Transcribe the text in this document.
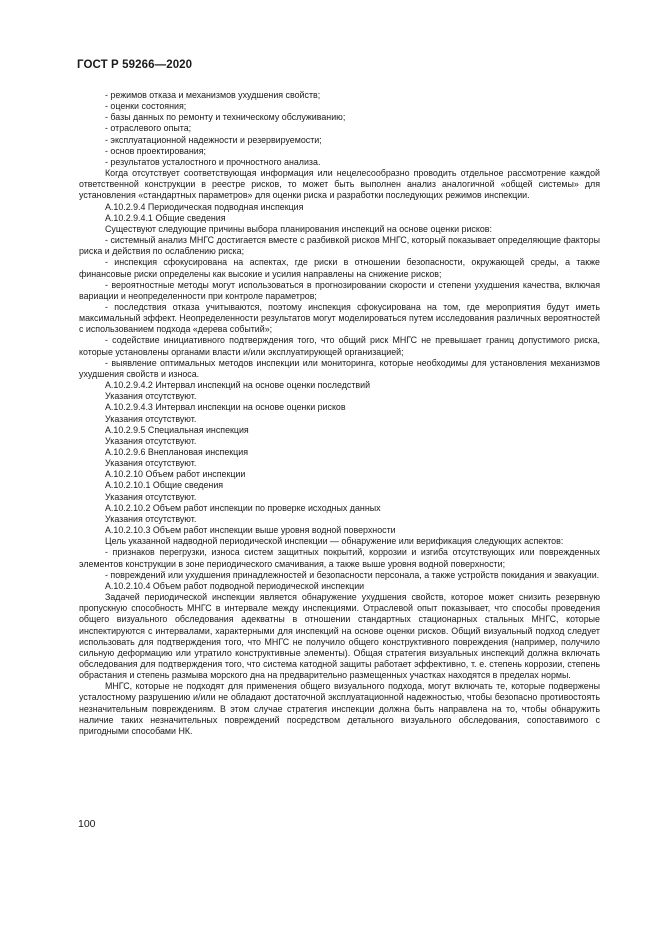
ГОСТ Р 59266—2020

- режимов отказа и механизмов ухудшения свойств;

- оценки состояния;

- базы данных по ремонту и техническому обслуживанию;

- отраслевого опыта;

- эксплуатационной надежности и резервируемости;

- основ проектирования;

- результатов усталостного и прочностного анализа.

Когда отсутствует соответствующая информация или нецелесообразно проводить отдельное рассмотрение каждой ответственной конструкции в реестре рисков, то может быть выполнен анализ аналогичной «общей системы» для установления «стандартных параметров» для оценки риска и разработки последующих режимов инспекции.

А.10.2.9.4 Периодическая подводная инспекция

А.10.2.9.4.1 Общие сведения

Существуют следующие причины выбора планирования инспекций на основе оценки рисков:

- системный анализ МНГС достигается вместе с разбивкой рисков МНГС, который показывает определяющие факторы риска и действия по ослаблению риска;

- инспекция сфокусирована на аспектах, где риски в отношении безопасности, окружающей среды, а также финансовые риски определены как высокие и усилия направлены на снижение рисков;

- вероятностные методы могут использоваться в прогнозировании скорости и степени ухудшения качества, включая вариации и неопределенности при контроле параметров;

- последствия отказа учитываются, поэтому инспекция сфокусирована на том, где мероприятия будут иметь максимальный эффект. Неопределенности результатов могут моделироваться путем исследования различных вероятностей с использованием подхода «дерева событий»;

- содействие инициативного подтверждения того, что общий риск МНГС не превышает границ допустимого риска, которые установлены органами власти и/или эксплуатирующей организацией;

- выявление оптимальных методов инспекции или мониторинга, которые необходимы для установления механизмов ухудшения свойств и износа.

А.10.2.9.4.2 Интервал инспекций на основе оценки последствий

Указания отсутствуют.

А.10.2.9.4.3 Интервал инспекции на основе оценки рисков

Указания отсутствуют.

А.10.2.9.5 Специальная инспекция

Указания отсутствуют.

А.10.2.9.6 Внеплановая инспекция

Указания отсутствуют.

А.10.2.10 Объем работ инспекции

А.10.2.10.1 Общие сведения

Указания отсутствуют.

А.10.2.10.2 Объем работ инспекции по проверке исходных данных

Указания отсутствуют.

А.10.2.10.3 Объем работ инспекции выше уровня водной поверхности

Цель указанной надводной периодической инспекции — обнаружение или верификация следующих аспектов:

- признаков перегрузки, износа систем защитных покрытий, коррозии и изгиба отсутствующих или поврежденных элементов конструкции в зоне периодического смачивания, а также выше уровня водной поверхности;

- повреждений или ухудшения принадлежностей и безопасности персонала, а также устройств покидания и эвакуации.

А.10.2.10.4 Объем работ подводной периодической инспекции

Задачей периодической инспекции является обнаружение ухудшения свойств, которое может снизить резервную пропускную способность МНГС в интервале между инспекциями. Отраслевой опыт показывает, что способы проведения общего визуального обследования адекватны в отношении стандартных стационарных стальных МНГС, которые инспектируются с интервалами, характерными для инспекций на основе оценки рисков. Общий визуальный подход следует использовать для подтверждения того, что МНГС не получило общего конструктивного повреждения (например, получило сильную деформацию или утратило конструктивные элементы). Общая стратегия визуальных инспекций должна включать обследования для подтверждения того, что система катодной защиты работает эффективно, т. е. степень коррозии, степень обрастания и степень размыва морского дна на предварительно размещенных участках находятся в пределах нормы.

МНГС, которые не подходят для применения общего визуального подхода, могут включать те, которые подвержены усталостному разрушению и/или не обладают достаточной эксплуатационной надежностью, чтобы безопасно противостоять незначительным повреждениям. В этом случае стратегия инспекции должна быть направлена на то, чтобы обнаружить наличие таких незначительных повреждений посредством детального визуального обследования, сопоставимого с пригодными способами НК.

100
